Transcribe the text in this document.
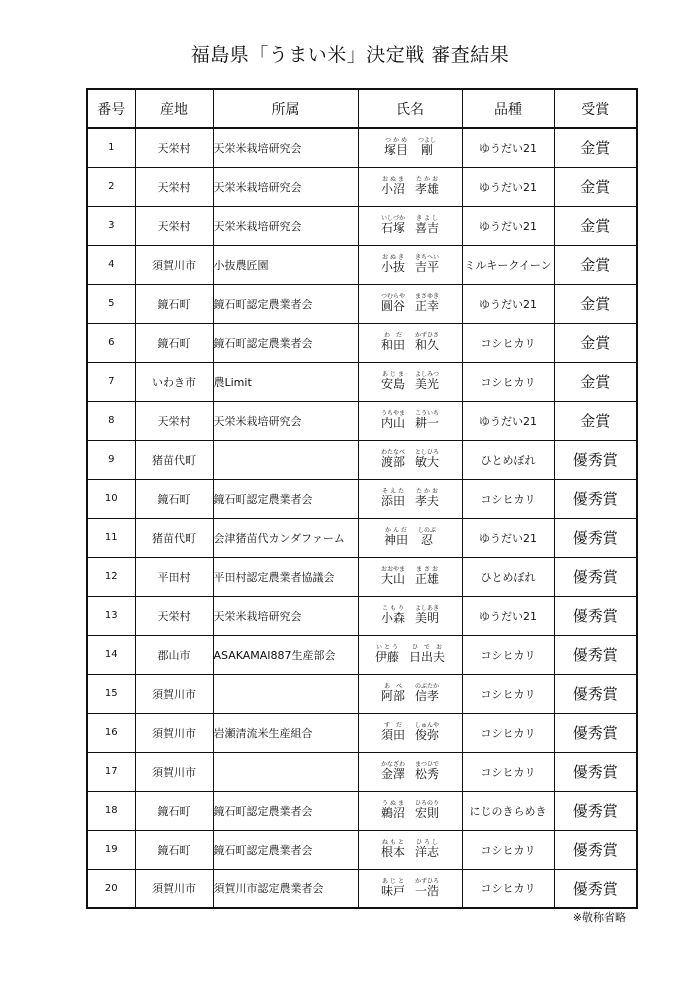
福島県「うまい米」決定戦 審査結果
番号	産地	所属	氏名	品種	受賞
1	天栄村	天栄米栽培研究会	塚目つかめ剛つよし	ゆうだい21	金賞
2	天栄村	天栄米栽培研究会	小沼おぬま孝雄たかお	ゆうだい21	金賞
3	天栄村	天栄米栽培研究会	石塚いしづか喜吉きよし	ゆうだい21	金賞
4	須賀川市	小抜農匠園	小抜おぬき吉平きちへい	ミルキークイーン	金賞
5	鏡石町	鏡石町認定農業者会	圓谷つむらや正幸まさゆき	ゆうだい21	金賞
6	鏡石町	鏡石町認定農業者会	和田わだ和久かずひさ	コシヒカリ	金賞
7	いわき市	農Limit	安島あじま美光よしみつ	コシヒカリ	金賞
8	天栄村	天栄米栽培研究会	内山うちやま耕一こういち	ゆうだい21	金賞
9	猪苗代町		渡部わたなべ敏大としひろ	ひとめぼれ	優秀賞
10	鏡石町	鏡石町認定農業者会	添田そえた孝夫たかお	コシヒカリ	優秀賞
11	猪苗代町	会津猪苗代カンダファーム	神田かんだ忍しのぶ	ゆうだい21	優秀賞
12	平田村	平田村認定農業者協議会	大山おおやま正雄まさお	ひとめぼれ	優秀賞
13	天栄村	天栄米栽培研究会	小森こもり美明よしあき	ゆうだい21	優秀賞
14	郡山市	ASAKAMAI887生産部会	伊藤いとう日出夫ひでお	コシヒカリ	優秀賞
15	須賀川市		阿部あべ信孝のぶたか	コシヒカリ	優秀賞
16	須賀川市	岩瀬清流米生産組合	須田すだ俊弥しゅんや	コシヒカリ	優秀賞
17	須賀川市		金澤かなざわ松秀まつひで	コシヒカリ	優秀賞
18	鏡石町	鏡石町認定農業者会	鵜沼うぬま宏則ひろのり	にじのきらめき	優秀賞
19	鏡石町	鏡石町認定農業者会	根本ねもと洋志ひろし	コシヒカリ	優秀賞
20	須賀川市	須賀川市認定農業者会	味戸あじと一浩かずひろ	コシヒカリ	優秀賞
※敬称省略
